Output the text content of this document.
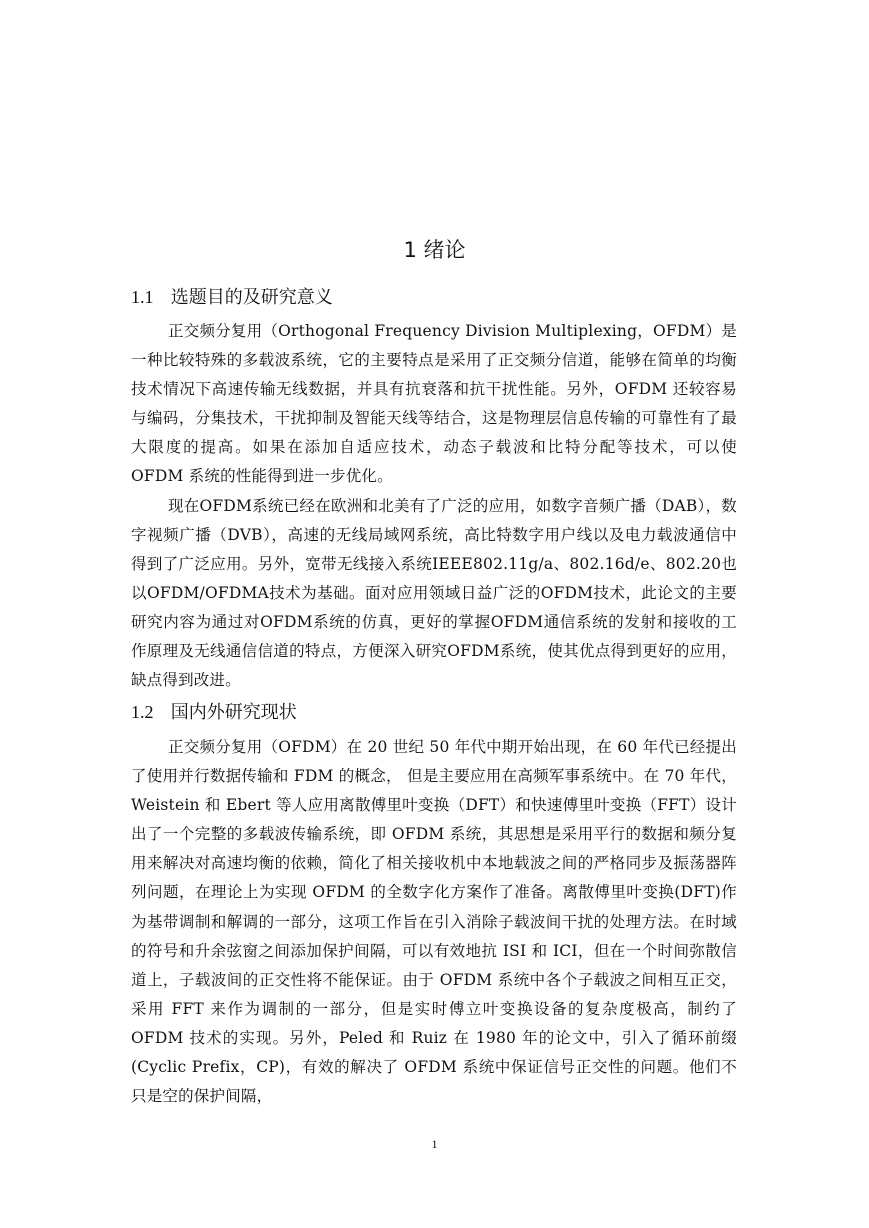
1 绪论
1.1 选题目的及研究意义

正交频分复用（Orthogonal Frequency Division Multiplexing，OFDM）是一种比较特殊的多载波系统，它的主要特点是采用了正交频分信道，能够在简单的均衡技术情况下高速传输无线数据，并具有抗衰落和抗干扰性能。另外，OFDM 还较容易与编码，分集技术，干扰抑制及智能天线等结合，这是物理层信息传输的可靠性有了最大限度的提高。如果在添加自适应技术，动态子载波和比特分配等技术，可以使 OFDM 系统的性能得到进一步优化。

现在OFDM系统已经在欧洲和北美有了广泛的应用，如数字音频广播（DAB），数字视频广播（DVB），高速的无线局域网系统，高比特数字用户线以及电力载波通信中得到了广泛应用。另外，宽带无线接入系统IEEE802.11g/a、802.16d/e、802.20也以OFDM/OFDMA技术为基础。面对应用领域日益广泛的OFDM技术，此论文的主要研究内容为通过对OFDM系统的仿真，更好的掌握OFDM通信系统的发射和接收的工作原理及无线通信信道的特点，方便深入研究OFDM系统，使其优点得到更好的应用，缺点得到改进。

1.2 国内外研究现状

正交频分复用（OFDM）在 20 世纪 50 年代中期开始出现，在 60 年代已经提出了使用并行数据传输和 FDM 的概念， 但是主要应用在高频军事系统中。在 70 年代，Weistein 和 Ebert 等人应用离散傅里叶变换（DFT）和快速傅里叶变换（FFT）设计出了一个完整的多载波传输系统，即 OFDM 系统，其思想是采用平行的数据和频分复用来解决对高速均衡的依赖，简化了相关接收机中本地载波之间的严格同步及振荡器阵列问题，在理论上为实现 OFDM 的全数字化方案作了准备。离散傅里叶变换(DFT)作为基带调制和解调的一部分，这项工作旨在引入消除子载波间干扰的处理方法。在时域的符号和升余弦窗之间添加保护间隔，可以有效地抗 ISI 和 ICI，但在一个时间弥散信道上，子载波间的正交性将不能保证。由于 OFDM 系统中各个子载波之间相互正交，采用 FFT 来作为调制的一部分，但是实时傅立叶变换设备的复杂度极高，制约了 OFDM 技术的实现。另外，Peled 和 Ruiz 在 1980 年的论文中，引入了循环前缀(Cyclic Prefix，CP)，有效的解决了 OFDM 系统中保证信号正交性的问题。他们不只是空的保护间隔，

1
